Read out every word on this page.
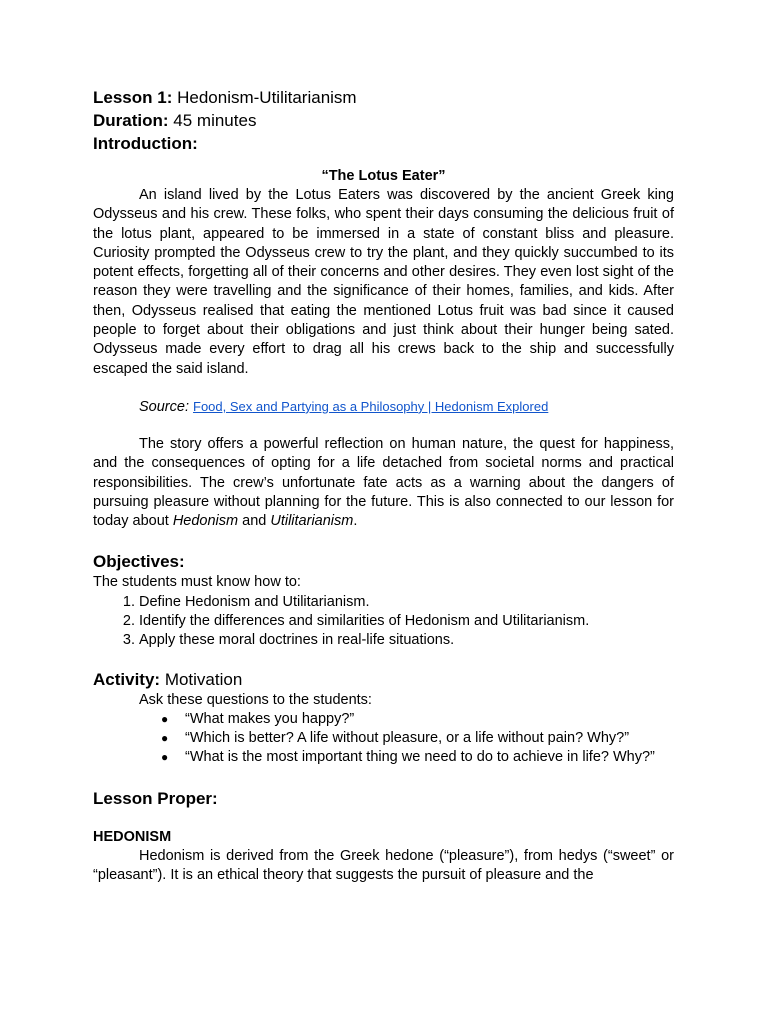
Lesson 1: Hedonism-Utilitarianism
Duration: 45 minutes
Introduction:
“The Lotus Eater”

An island lived by the Lotus Eaters was discovered by the ancient Greek king Odysseus and his crew. These folks, who spent their days consuming the delicious fruit of the lotus plant, appeared to be immersed in a state of constant bliss and pleasure. Curiosity prompted the Odysseus crew to try the plant, and they quickly succumbed to its potent effects, forgetting all of their concerns and other desires. They even lost sight of the reason they were travelling and the significance of their homes, families, and kids. After then, Odysseus realised that eating the mentioned Lotus fruit was bad since it caused people to forget about their obligations and just think about their hunger being sated. Odysseus made every effort to drag all his crews back to the ship and successfully escaped the said island.

Source: Food, Sex and Partying as a Philosophy | Hedonism Explored

The story offers a powerful reflection on human nature, the quest for happiness, and the consequences of opting for a life detached from societal norms and practical responsibilities. The crew’s unfortunate fate acts as a warning about the dangers of pursuing pleasure without planning for the future. This is also connected to our lesson for today about Hedonism and Utilitarianism.

Objectives:
The students must know how to:
1. Define Hedonism and Utilitarianism.
2. Identify the differences and similarities of Hedonism and Utilitarianism.
3. Apply these moral doctrines in real-life situations.
Activity: Motivation
Ask these questions to the students:
● “What makes you happy?”
● “Which is better? A life without pleasure, or a life without pain? Why?”
● “What is the most important thing we need to do to achieve in life? Why?”
Lesson Proper:
HEDONISM

Hedonism is derived from the Greek hedone (“pleasure”), from hedys (“sweet” or “pleasant”). It is an ethical theory that suggests the pursuit of pleasure and the
